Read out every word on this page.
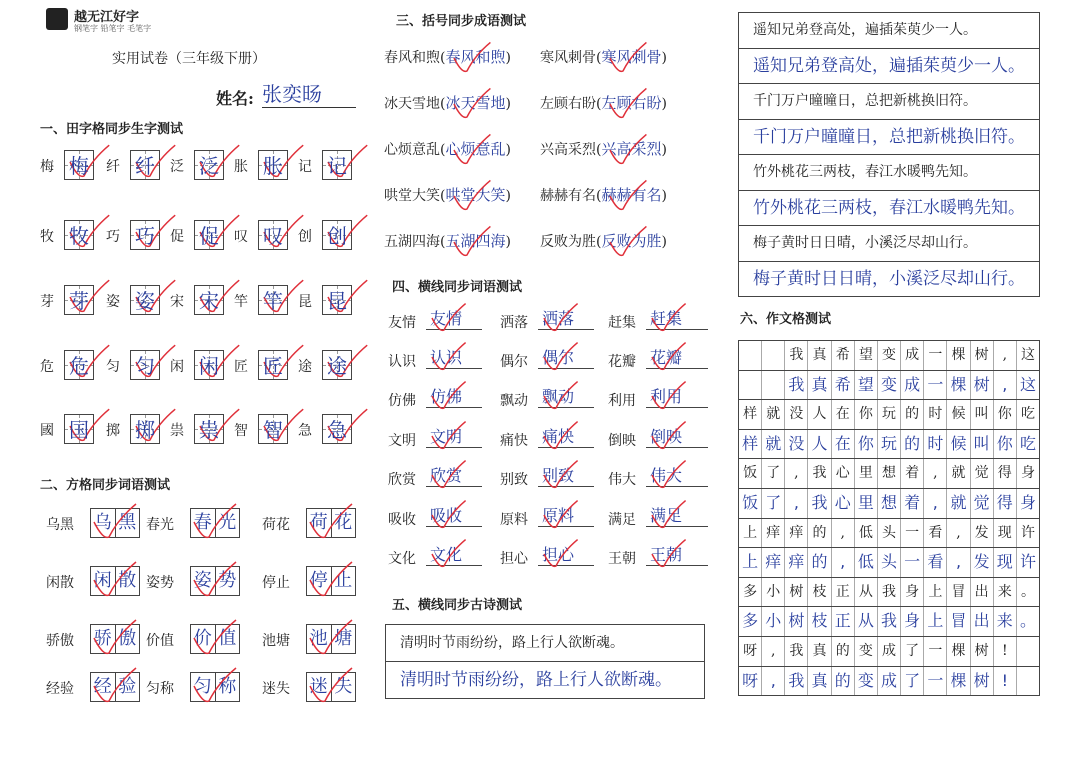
越无江好字
钢笔字 铅笔字 毛笔字
实用试卷（三年级下册）
姓名: 张奕旸
一、田字格同步生字测试
梅 梅 纤 纤 泛 泛 胀 胀 记 记
牧 牧 巧 巧 促 促 叹 叹 创 创
芽 芽 姿 姿 宋 宋 竿 竿 昆 昆
危 危 匀 匀 闲 闲 匠 匠 途 途
國 国 掷 掷 祟 祟 智 智 急 急
二、方格同步词语测试
乌黑 乌 黑 春光 春 光 荷花 荷 花
闲散 闲 散 姿势 姿 势 停止 停 止
骄傲 骄 傲 价值 价 值 池塘 池 塘
经验 经 验 匀称 匀 称 迷失 迷 失
三、括号同步成语测试
春风和煦(春风和煦) 寒风刺骨(寒风刺骨)
冰天雪地(冰天雪地) 左顾右盼(左顾右盼)
心烦意乱(心烦意乱) 兴高采烈(兴高采烈)
哄堂大笑(哄堂大笑) 赫赫有名(赫赫有名)
五湖四海(五湖四海) 反败为胜(反败为胜)
四、横线同步词语测试
友情 友情	洒落 洒落	赶集 赶集
认识 认识	偶尔 偶尔	花瓣 花瓣
仿佛 仿佛	飘动 飘动	利用 利用
文明 文明	痛快 痛快	倒映 倒映
欣赏 欣赏	别致 别致	伟大 伟大
吸收 吸收	原料 原料	满足 满足
文化 文化	担心 担心	王朝 王朝
五、横线同步古诗测试
清明时节雨纷纷，路上行人欲断魂。
清明时节雨纷纷，路上行人欲断魂。
遥知兄弟登高处，遍插茱萸少一人。
遥知兄弟登高处，遍插茱萸少一人。
千门万户曈曈日，总把新桃换旧符。
千门万户曈曈日，总把新桃换旧符。
竹外桃花三两枝，春江水暖鸭先知。
竹外桃花三两枝，春江水暖鸭先知。
梅子黄时日日晴，小溪泛尽却山行。
梅子黄时日日晴，小溪泛尽却山行。
六、作文格测试
我 真 希 望 变 成 一 棵 树 , 这
我 真 希 望 变 成 一 棵 树 , 这
样 就 没 人 在 你 玩 的 时 候 叫 你 吃
样 就 没 人 在 你 玩 的 时 候 叫 你 吃
饭 了 , 我 心 里 想 着 , 就 觉 得 身
饭 了 , 我 心 里 想 着 , 就 觉 得 身
上 痒 痒 的 , 低 头 一 看 , 发 现 许
上 痒 痒 的 , 低 头 一 看 , 发 现 许
多 小 树 枝 正 从 我 身 上 冒 出 来 。
多 小 树 枝 正 从 我 身 上 冒 出 来 。
呀 , 我 真 的 变 成 了 一 棵 树 !
呀 , 我 真 的 变 成 了 一 棵 树 !
